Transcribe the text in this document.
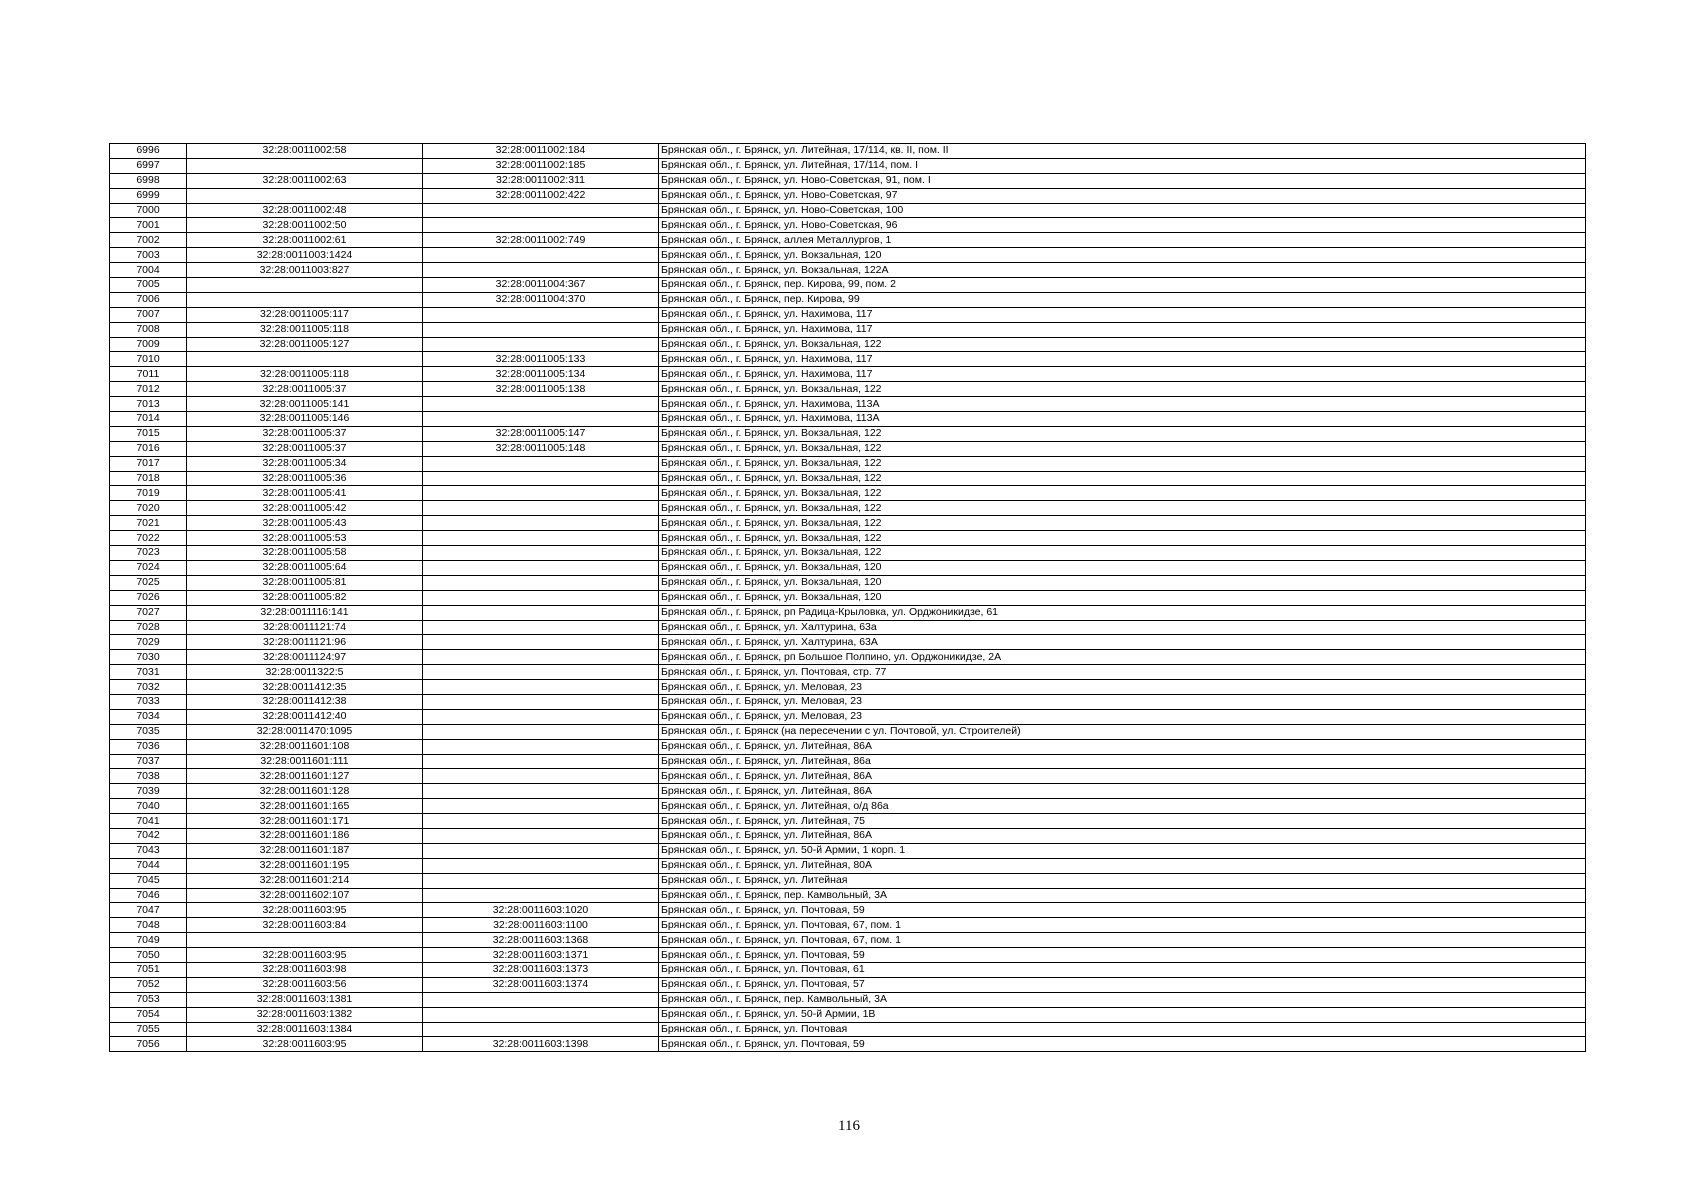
6996	32:28:0011002:58	32:28:0011002:184	Брянская обл., г. Брянск, ул. Литейная, 17/114, кв. II, пом. II
6997		32:28:0011002:185	Брянская обл., г. Брянск, ул. Литейная, 17/114, пом. I
6998	32:28:0011002:63	32:28:0011002:311	Брянская обл., г. Брянск, ул. Ново-Советская, 91, пом. I
6999		32:28:0011002:422	Брянская обл., г. Брянск, ул. Ново-Советская, 97
7000	32:28:0011002:48		Брянская обл., г. Брянск, ул. Ново-Советская, 100
7001	32:28:0011002:50		Брянская обл., г. Брянск, ул. Ново-Советская, 96
7002	32:28:0011002:61	32:28:0011002:749	Брянская обл., г. Брянск, аллея Металлургов, 1
7003	32:28:0011003:1424		Брянская обл., г. Брянск, ул. Вокзальная, 120
7004	32:28:0011003:827		Брянская обл., г. Брянск, ул. Вокзальная, 122А
7005		32:28:0011004:367	Брянская обл., г. Брянск, пер. Кирова, 99, пом. 2
7006		32:28:0011004:370	Брянская обл., г. Брянск, пер. Кирова, 99
7007	32:28:0011005:117		Брянская обл., г. Брянск, ул. Нахимова, 117
7008	32:28:0011005:118		Брянская обл., г. Брянск, ул. Нахимова, 117
7009	32:28:0011005:127		Брянская обл., г. Брянск, ул. Вокзальная, 122
7010		32:28:0011005:133	Брянская обл., г. Брянск, ул. Нахимова, 117
7011	32:28:0011005:118	32:28:0011005:134	Брянская обл., г. Брянск, ул. Нахимова, 117
7012	32:28:0011005:37	32:28:0011005:138	Брянская обл., г. Брянск, ул. Вокзальная, 122
7013	32:28:0011005:141		Брянская обл., г. Брянск, ул. Нахимова, 113А
7014	32:28:0011005:146		Брянская обл., г. Брянск, ул. Нахимова, 113А
7015	32:28:0011005:37	32:28:0011005:147	Брянская обл., г. Брянск, ул. Вокзальная, 122
7016	32:28:0011005:37	32:28:0011005:148	Брянская обл., г. Брянск, ул. Вокзальная, 122
7017	32:28:0011005:34		Брянская обл., г. Брянск, ул. Вокзальная, 122
7018	32:28:0011005:36		Брянская обл., г. Брянск, ул. Вокзальная, 122
7019	32:28:0011005:41		Брянская обл., г. Брянск, ул. Вокзальная, 122
7020	32:28:0011005:42		Брянская обл., г. Брянск, ул. Вокзальная, 122
7021	32:28:0011005:43		Брянская обл., г. Брянск, ул. Вокзальная, 122
7022	32:28:0011005:53		Брянская обл., г. Брянск, ул. Вокзальная, 122
7023	32:28:0011005:58		Брянская обл., г. Брянск, ул. Вокзальная, 122
7024	32:28:0011005:64		Брянская обл., г. Брянск, ул. Вокзальная, 120
7025	32:28:0011005:81		Брянская обл., г. Брянск, ул. Вокзальная, 120
7026	32:28:0011005:82		Брянская обл., г. Брянск, ул. Вокзальная, 120
7027	32:28:0011116:141		Брянская обл., г. Брянск, рп Радица-Крыловка, ул. Орджоникидзе, 61
7028	32:28:0011121:74		Брянская обл., г. Брянск, ул. Халтурина, 63а
7029	32:28:0011121:96		Брянская обл., г. Брянск, ул. Халтурина, 63А
7030	32:28:0011124:97		Брянская обл., г. Брянск, рп Большое Полпино, ул. Орджоникидзе, 2А
7031	32:28:0011322:5		Брянская обл., г. Брянск, ул. Почтовая, стр. 77
7032	32:28:0011412:35		Брянская обл., г. Брянск, ул. Меловая, 23
7033	32:28:0011412:38		Брянская обл., г. Брянск, ул. Меловая, 23
7034	32:28:0011412:40		Брянская обл., г. Брянск, ул. Меловая, 23
7035	32:28:0011470:1095		Брянская обл., г. Брянск (на пересечении с ул. Почтовой, ул. Строителей)
7036	32:28:0011601:108		Брянская обл., г. Брянск, ул. Литейная, 86А
7037	32:28:0011601:111		Брянская обл., г. Брянск, ул. Литейная, 86а
7038	32:28:0011601:127		Брянская обл., г. Брянск, ул. Литейная, 86А
7039	32:28:0011601:128		Брянская обл., г. Брянск, ул. Литейная, 86А
7040	32:28:0011601:165		Брянская обл., г. Брянск, ул. Литейная, о/д 86а
7041	32:28:0011601:171		Брянская обл., г. Брянск, ул. Литейная, 75
7042	32:28:0011601:186		Брянская обл., г. Брянск, ул. Литейная, 86А
7043	32:28:0011601:187		Брянская обл., г. Брянск, ул. 50-й Армии, 1 корп. 1
7044	32:28:0011601:195		Брянская обл., г. Брянск, ул. Литейная, 80А
7045	32:28:0011601:214		Брянская обл., г. Брянск, ул. Литейная
7046	32:28:0011602:107		Брянская обл., г. Брянск, пер. Камвольный, 3А
7047	32:28:0011603:95	32:28:0011603:1020	Брянская обл., г. Брянск, ул. Почтовая, 59
7048	32:28:0011603:84	32:28:0011603:1100	Брянская обл., г. Брянск, ул. Почтовая, 67, пом. 1
7049		32:28:0011603:1368	Брянская обл., г. Брянск, ул. Почтовая, 67, пом. 1
7050	32:28:0011603:95	32:28:0011603:1371	Брянская обл., г. Брянск, ул. Почтовая, 59
7051	32:28:0011603:98	32:28:0011603:1373	Брянская обл., г. Брянск, ул. Почтовая, 61
7052	32:28:0011603:56	32:28:0011603:1374	Брянская обл., г. Брянск, ул. Почтовая, 57
7053	32:28:0011603:1381		Брянская обл., г. Брянск, пер. Камвольный, 3А
7054	32:28:0011603:1382		Брянская обл., г. Брянск, ул. 50-й Армии, 1В
7055	32:28:0011603:1384		Брянская обл., г. Брянск, ул. Почтовая
7056	32:28:0011603:95	32:28:0011603:1398	Брянская обл., г. Брянск, ул. Почтовая, 59
116
